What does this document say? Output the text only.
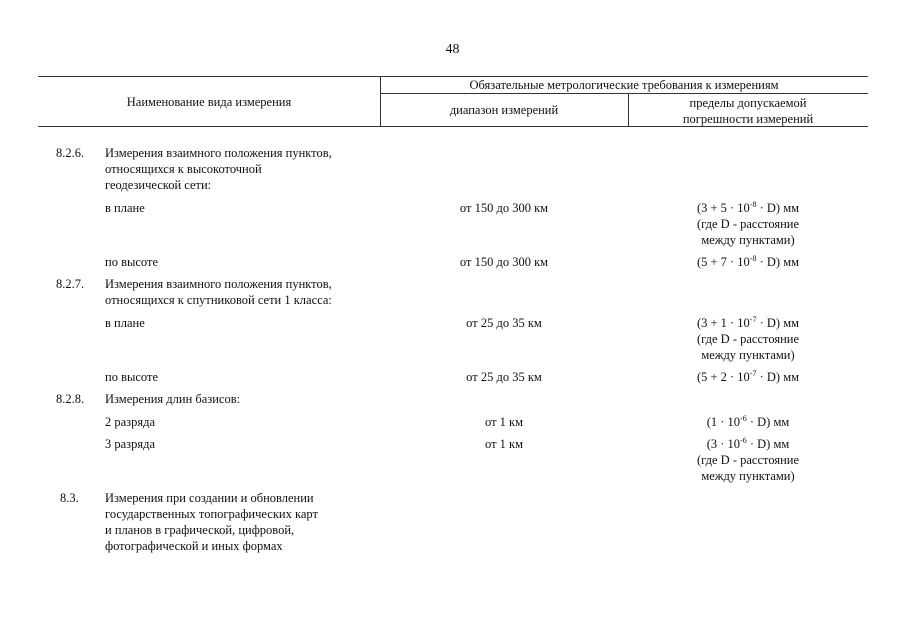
48
Наименование вида измерения
Обязательные метрологические требования к измерениям
диапазон измерений	пределы допускаемой
погрешности измерений
8.2.6. Измерения взаимного положения пунктов,
относящихся к высокоточной
геодезической сети:
в плане	от 150 до 300 км	$(3 + 5 \cdot 10^{-8} \cdot D)$ мм
(где D - расстояние
между пунктами)
по высоте	от 150 до 300 км	$(5 + 7 \cdot 10^{-8} \cdot D)$ мм
8.2.7. Измерения взаимного положения пунктов,
относящихся к спутниковой сети 1 класса:
в плане	от 25 до 35 км	$(3 + 1 \cdot 10^{-7} \cdot D)$ мм
(где D - расстояние
между пунктами)
по высоте	от 25 до 35 км	$(5 + 2 \cdot 10^{-7} \cdot D)$ мм
8.2.8. Измерения длин базисов:
2 разряда	от 1 км	$(1 \cdot 10^{-6} \cdot D)$ мм
3 разряда	от 1 км	$(3 \cdot 10^{-6} \cdot D)$ мм
(где D - расстояние
между пунктами)
8.3. Измерения при создании и обновлении
государственных топографических карт
и планов в графической, цифровой,
фотографической и иных формах
